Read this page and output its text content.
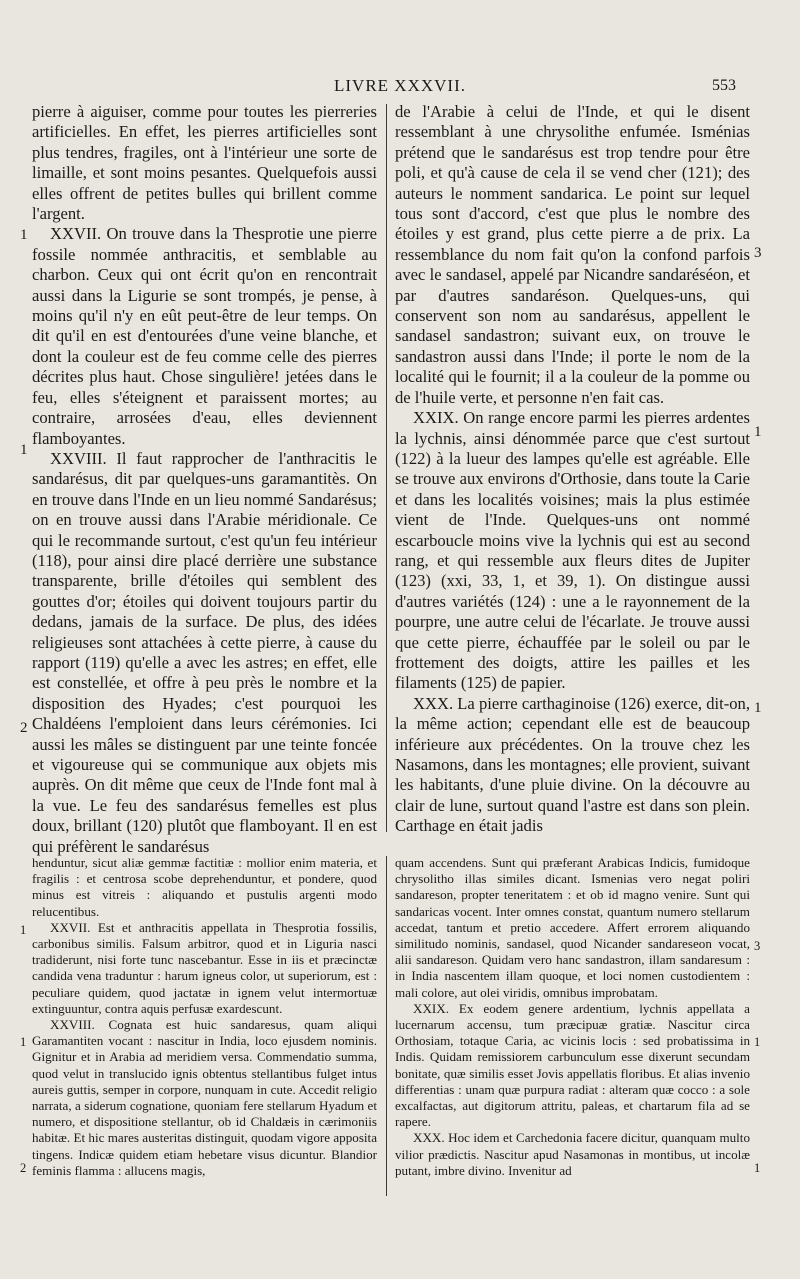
LIVRE XXXVII.	553

pierre à aiguiser, comme pour toutes les pierreries artificielles. En effet, les pierres artificielles sont plus tendres, fragiles, ont à l'intérieur une sorte de limaille, et sont moins pesantes. Quelquefois aussi elles offrent de petites bulles qui brillent comme l'argent.

XXVII. On trouve dans la Thesprotie une pierre fossile nommée anthracitis, et semblable au charbon. Ceux qui ont écrit qu'on en rencontrait aussi dans la Ligurie se sont trompés, je pense, à moins qu'il n'y en eût peut-être de leur temps. On dit qu'il en est d'entourées d'une veine blanche, et dont la couleur est de feu comme celle des pierres décrites plus haut. Chose singulière! jetées dans le feu, elles s'éteignent et paraissent mortes; au contraire, arrosées d'eau, elles deviennent flamboyantes.

XXVIII. Il faut rapprocher de l'anthracitis le sandarésus, dit par quelques-uns garamantitès. On en trouve dans l'Inde en un lieu nommé Sandarésus; on en trouve aussi dans l'Arabie méridionale. Ce qui le recommande surtout, c'est qu'un feu intérieur (118), pour ainsi dire placé derrière une substance transparente, brille d'étoiles qui semblent des gouttes d'or; étoiles qui doivent toujours partir du dedans, jamais de la surface. De plus, des idées religieuses sont attachées à cette pierre, à cause du rapport (119) qu'elle a avec les astres; en effet, elle est constellée, et offre à peu près le nombre et la disposition des Hyades; c'est pourquoi les Chaldéens l'emploient dans leurs cérémonies. Ici aussi les mâles se distinguent par une teinte foncée et vigoureuse qui se communique aux objets mis auprès. On dit même que ceux de l'Inde font mal à la vue. Le feu des sandarésus femelles est plus doux, brillant (120) plutôt que flamboyant. Il en est qui préfèrent le sandarésus

de l'Arabie à celui de l'Inde, et qui le disent ressemblant à une chrysolithe enfumée. Isménias prétend que le sandarésus est trop tendre pour être poli, et qu'à cause de cela il se vend cher (121); des auteurs le nomment sandarica. Le point sur lequel tous sont d'accord, c'est que plus le nombre des étoiles y est grand, plus cette pierre a de prix. La ressemblance du nom fait qu'on la confond parfois avec le sandasel, appelé par Nicandre sandaréséon, et par d'autres sandaréson. Quelques-uns, qui conservent son nom au sandarésus, appellent le sandasel sandastron; suivant eux, on trouve le sandastron aussi dans l'Inde; il porte le nom de la localité qui le fournit; il a la couleur de la pomme ou de l'huile verte, et personne n'en fait cas.

XXIX. On range encore parmi les pierres ardentes la lychnis, ainsi dénommée parce que c'est surtout (122) à la lueur des lampes qu'elle est agréable. Elle se trouve aux environs d'Orthosie, dans toute la Carie et dans les localités voisines; mais la plus estimée vient de l'Inde. Quelques-uns ont nommé escarboucle moins vive la lychnis qui est au second rang, et qui ressemble aux fleurs dites de Jupiter (123) (xxi, 33, 1, et 39, 1). On distingue aussi d'autres variétés (124) : une a le rayonnement de la pourpre, une autre celui de l'écarlate. Je trouve aussi que cette pierre, échauffée par le soleil ou par le frottement des doigts, attire les pailles et les filaments (125) de papier.

XXX. La pierre carthaginoise (126) exerce, dit-on, la même action; cependant elle est de beaucoup inférieure aux précédentes. On la trouve chez les Nasamons, dans les montagnes; elle provient, suivant les habitants, d'une pluie divine. On la découvre au clair de lune, surtout quand l'astre est dans son plein. Carthage en était jadis

henduntur, sicut aliæ gemmæ factitiæ : mollior enim materia, et fragilis : et centrosa scobe deprehenduntur, et pondere, quod minus est vitreis : aliquando et pustulis argenti modo relucentibus.

XXVII. Est et anthracitis appellata in Thesprotia fossilis, carbonibus similis. Falsum arbitror, quod et in Liguria nasci tradiderunt, nisi forte tunc nascebantur. Esse in iis et præcinctæ candida vena traduntur : harum igneus color, ut superiorum, est : peculiare quidem, quod jactatæ in ignem velut intermortuæ extinguuntur, contra aquis perfusæ exardescunt.

XXVIII. Cognata est huic sandaresus, quam aliqui Garamantiten vocant : nascitur in India, loco ejusdem nominis. Gignitur et in Arabia ad meridiem versa. Commendatio summa, quod velut in translucido ignis obtentus stellantibus fulget intus aureis guttis, semper in corpore, nunquam in cute. Accedit religio narrata, a siderum cognatione, quoniam fere stellarum Hyadum et numero, et dispositione stellantur, ob id Chaldæis in cærimoniis habitæ. Et hic mares austeritas distinguit, quodam vigore apposita tingens. Indicæ quidem etiam hebetare visus dicuntur. Blandior feminis flamma : allucens magis,

quam accendens. Sunt qui præferant Arabicas Indicis, fumidoque chrysolitho illas similes dicant. Ismenias vero negat poliri sandareson, propter teneritatem : et ob id magno venire. Sunt qui sandaricas vocent. Inter omnes constat, quantum numero stellarum accedat, tantum et pretio accedere. Affert errorem aliquando similitudo nominis, sandasel, quod Nicander sandareseon vocat, alii sandareson. Quidam vero hanc sandastron, illam sandaresum : in India nascentem illam quoque, et loci nomen custodientem : mali colore, aut olei viridis, omnibus improbatam.

XXIX. Ex eodem genere ardentium, lychnis appellata a lucernarum accensu, tum præcipuæ gratiæ. Nascitur circa Orthosiam, totaque Caria, ac vicinis locis : sed probatissima in Indis. Quidam remissiorem carbunculum esse dixerunt secundam bonitate, quæ similis esset Jovis appellatis floribus. Et alias invenio differentias : unam quæ purpura radiat : alteram quæ cocco : a sole excalfactas, aut digitorum attritu, paleas, et chartarum fila ad se rapere.

XXX. Hoc idem et Carchedonia facere dicitur, quanquam multo vilior prædictis. Nascitur apud Nasamonas in montibus, ut incolæ putant, imbre divino. Invenitur ad

1
1
2
3
1
1
1
1
2
3
1
1
